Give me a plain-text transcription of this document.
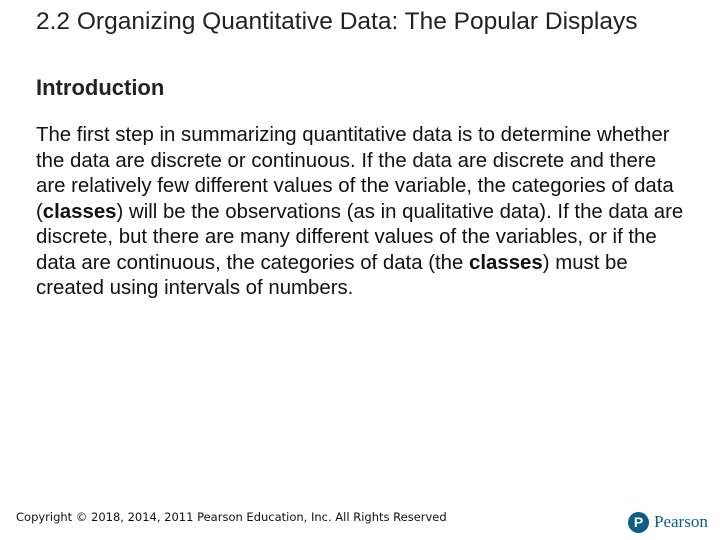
2.2 Organizing Quantitative Data: The Popular Displays
Introduction

The first step in summarizing quantitative data is to determine whether the data are discrete or continuous. If the data are discrete and there are relatively few different values of the variable, the categories of data (classes) will be the observations (as in qualitative data). If the data are discrete, but there are many different values of the variables, or if the data are continuous, the categories of data (the classes) must be created using intervals of numbers.

Copyright © 2018, 2014, 2011 Pearson Education, Inc. All Rights Reserved	P Pearson
